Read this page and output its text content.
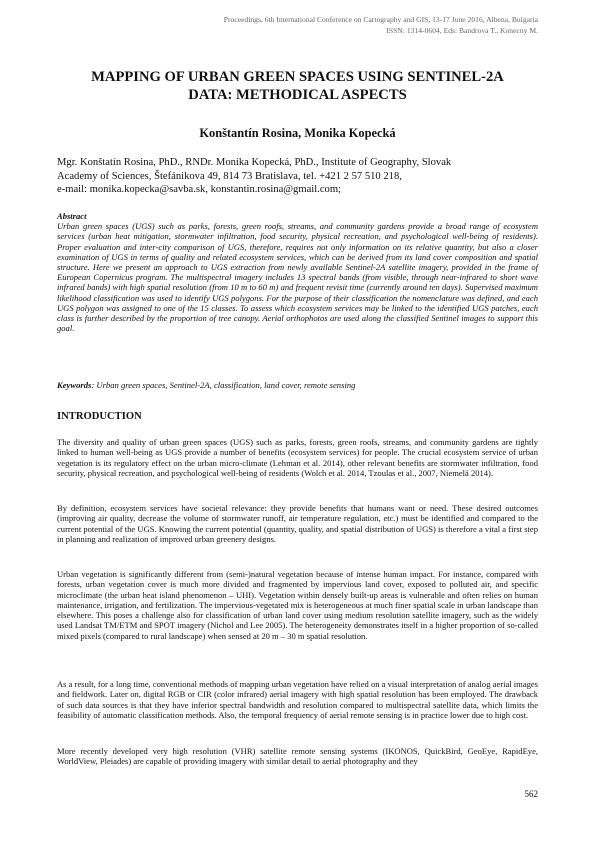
Proceedings, 6th International Conference on Cartography and GIS, 13-17 June 2016, Albena, Bulgaria
ISSN: 1314-0604, Eds: Bandrova T., Konecny M.
MAPPING OF URBAN GREEN SPACES USING SENTINEL-2A
DATA: METHODICAL ASPECTS
Konštantín Rosina, Monika Kopecká
Mgr. Konštatín Rosina, PhD., RNDr. Monika Kopecká, PhD., Institute of Geography, Slovak
Academy of Sciences, Štefánikova 49, 814 73 Bratislava, tel. +421 2 57 510 218,
e-mail: monika.kopecka@savba.sk, konstantin.rosina@gmail.com;
Abstract
Urban green spaces (UGS) such as parks, forests, green roofs, streams, and community gardens provide a broad range of ecosystem services (urban heat mitigation, stormwater infiltration, food security, physical recreation, and psychological well-being of residents). Proper evaluation and inter-city comparison of UGS, therefore, requires not only information on its relative quantity, but also a closer examination of UGS in terms of quality and related ecosystem services, which can be derived from its land cover composition and spatial structure. Here we present an approach to UGS extraction from newly available Sentinel-2A satellite imagery, provided in the frame of European Copernicus program. The multispectral imagery includes 13 spectral bands (from visible, through near-infrared to short wave infrared bands) with high spatial resolution (from 10 m to 60 m) and frequent revisit time (currently around ten days). Supervised maximum likelihood classification was used to identify UGS polygons. For the purpose of their classification the nomenclature was defined, and each UGS polygon was assigned to one of the 15 classes. To assess which ecosystem services may be linked to the identified UGS patches, each class is further described by the proportion of tree canopy. Aerial orthophotos are used along the classified Sentinel images to support this goal.
Keywords: Urban green spaces, Sentinel-2A, classification, land cover, remote sensing
INTRODUCTION
The diversity and quality of urban green spaces (UGS) such as parks, forests, green roofs, streams, and community gardens are tightly linked to human well-being as UGS provide a number of benefits (ecosystem services) for people. The crucial ecosystem service of urban vegetation is its regulatory effect on the urban micro-climate (Lehman et al. 2014), other relevant benefits are stormwater infiltration, food security, physical recreation, and psychological well-being of residents (Wolch et al. 2014, Tzoulas et al., 2007, Niemelä 2014).
By definition, ecosystem services have societal relevance: they provide benefits that humans want or need. These desired outcomes (improving air quality, decrease the volume of stormwater runoff, air temperature regulation, etc.) must be identified and compared to the current potential of the UGS. Knowing the current potential (quantity, quality, and spatial distribution of UGS) is therefore a vital a first step in planning and realization of improved urban greenery designs.
Urban vegetation is significantly different from (semi-)natural vegetation because of intense human impact. For instance, compared with forests, urban vegetation cover is much more divided and fragmented by impervious land cover, exposed to polluted air, and specific microclimate (the urban heat island phenomenon – UHI). Vegetation within densely built-up areas is vulnerable and often relies on human maintenance, irrigation, and fertilization. The impervious-vegetated mix is heterogeneous at much finer spatial scale in urban landscape than elsewhere. This poses a challenge also for classification of urban land cover using medium resolution satellite imagery, such as the widely used Landsat TM/ETM and SPOT imagery (Nichol and Lee 2005). The heterogeneity demonstrates itself in a higher proportion of so-called mixed pixels (compared to rural landscape) when sensed at 20 m – 30 m spatial resolution.
As a result, for a long time, conventional methods of mapping urban vegetation have relied on a visual interpretation of analog aerial images and fieldwork. Later on, digital RGB or CIR (color infrared) aerial imagery with high spatial resolution has been employed. The drawback of such data sources is that they have inferior spectral bandwidth and resolution compared to multispectral satellite data, which limits the feasibility of automatic classification methods. Also, the temporal frequency of aerial remote sensing is in practice lower due to high cost.
More recently developed very high resolution (VHR) satellite remote sensing systems (IKONOS, QuickBird, GeoEye, RapidEye, WorldView, Pleiades) are capable of providing imagery with similar detail to aerial photography and they
562
